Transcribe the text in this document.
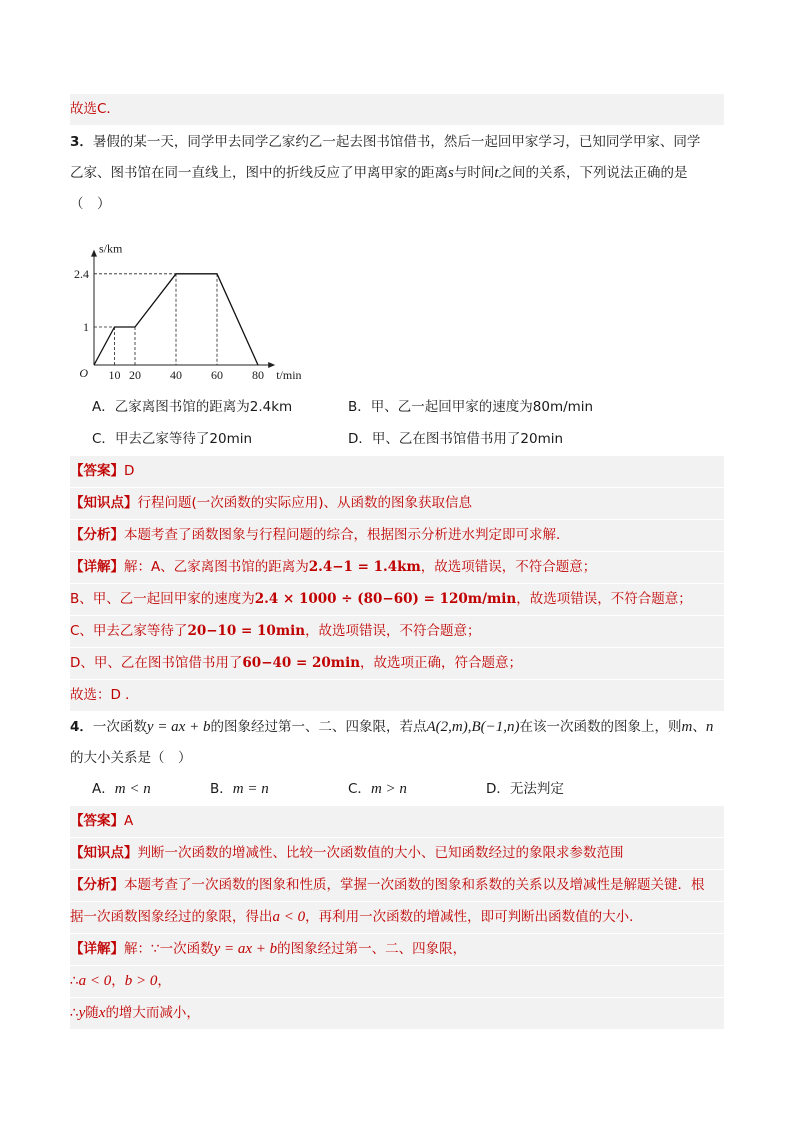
故选C．
3．暑假的某一天，同学甲去同学乙家约乙一起去图书馆借书，然后一起回甲家学习，已知同学甲家、同学
乙家、图书馆在同一直线上，图中的折线反应了甲离甲家的距离s与时间t之间的关系，下列说法正确的是
（　）
10 20 40 60 80
1
2.4
O	t/min
s/km
A．乙家离图书馆的距离为2.4km	B．甲、乙一起回甲家的速度为80m/min
C．甲去乙家等待了20min	D．甲、乙在图书馆借书用了20min
【答案】D
【知识点】行程问题(一次函数的实际应用)、从函数的图象获取信息
【分析】本题考查了函数图象与行程问题的综合，根据图示分析进水判定即可求解．
【详解】解：A、乙家离图书馆的距离为2.4−1 = 1.4km，故选项错误，不符合题意；
B、甲、乙一起回甲家的速度为2.4 × 1000 ÷ (80−60) = 120m/min，故选项错误，不符合题意；
C、甲去乙家等待了20−10 = 10min，故选项错误，不符合题意；
D、甲、乙在图书馆借书用了60−40 = 20min，故选项正确，符合题意；
故选：D ．
4．一次函数y = ax + b的图象经过第一、二、四象限，若点A(2,m),B(−1,n)在该一次函数的图象上，则m、n
的大小关系是（　）
A．m < n	B．m = n	C．m > n	D．无法判定
【答案】A
【知识点】判断一次函数的增减性、比较一次函数值的大小、已知函数经过的象限求参数范围
【分析】本题考查了一次函数的图象和性质，掌握一次函数的图象和系数的关系以及增减性是解题关键．根
据一次函数图象经过的象限，得出a < 0，再利用一次函数的增减性，即可判断出函数值的大小．
【详解】解：∵一次函数y = ax + b的图象经过第一、二、四象限，
∴a < 0，b > 0，
∴y随x的增大而减小，
